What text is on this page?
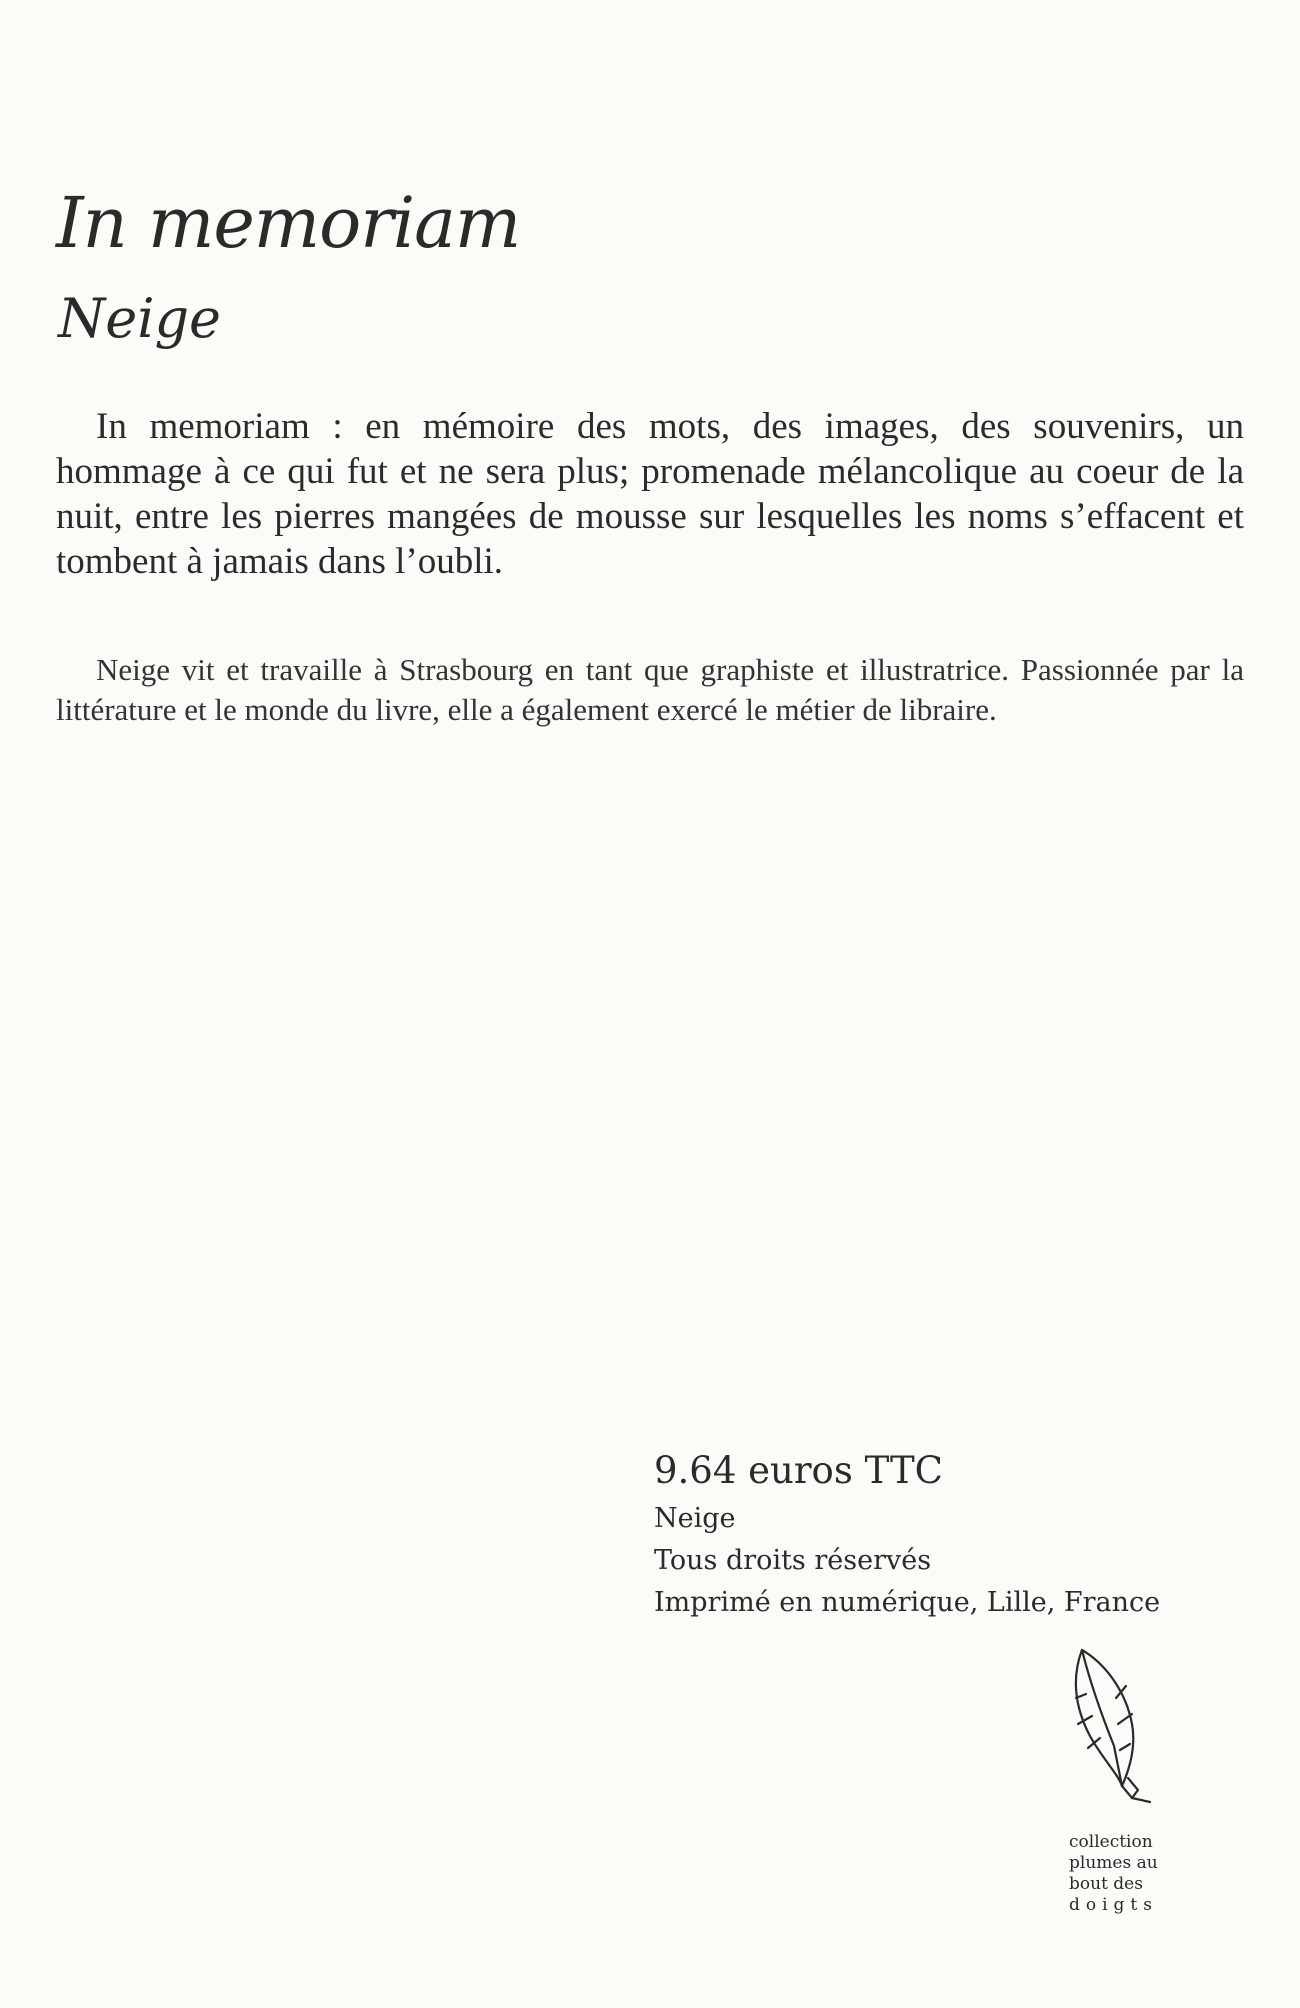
In memoriam
Neige

In memoriam : en mémoire des mots, des images, des souvenirs, un hommage à ce qui fut et ne sera plus; promenade mélancolique au coeur de la nuit, entre les pierres mangées de mousse sur lesquelles les noms s’effacent et tombent à jamais dans l’oubli.

Neige vit et travaille à Strasbourg en tant que graphiste et illustratrice. Passionnée par la littérature et le monde du livre, elle a également exercé le métier de libraire.

9.64 euros TTC
Neige
Tous droits réservés
Imprimé en numérique, Lille, France
collection
plumes au
bout des
doigts
